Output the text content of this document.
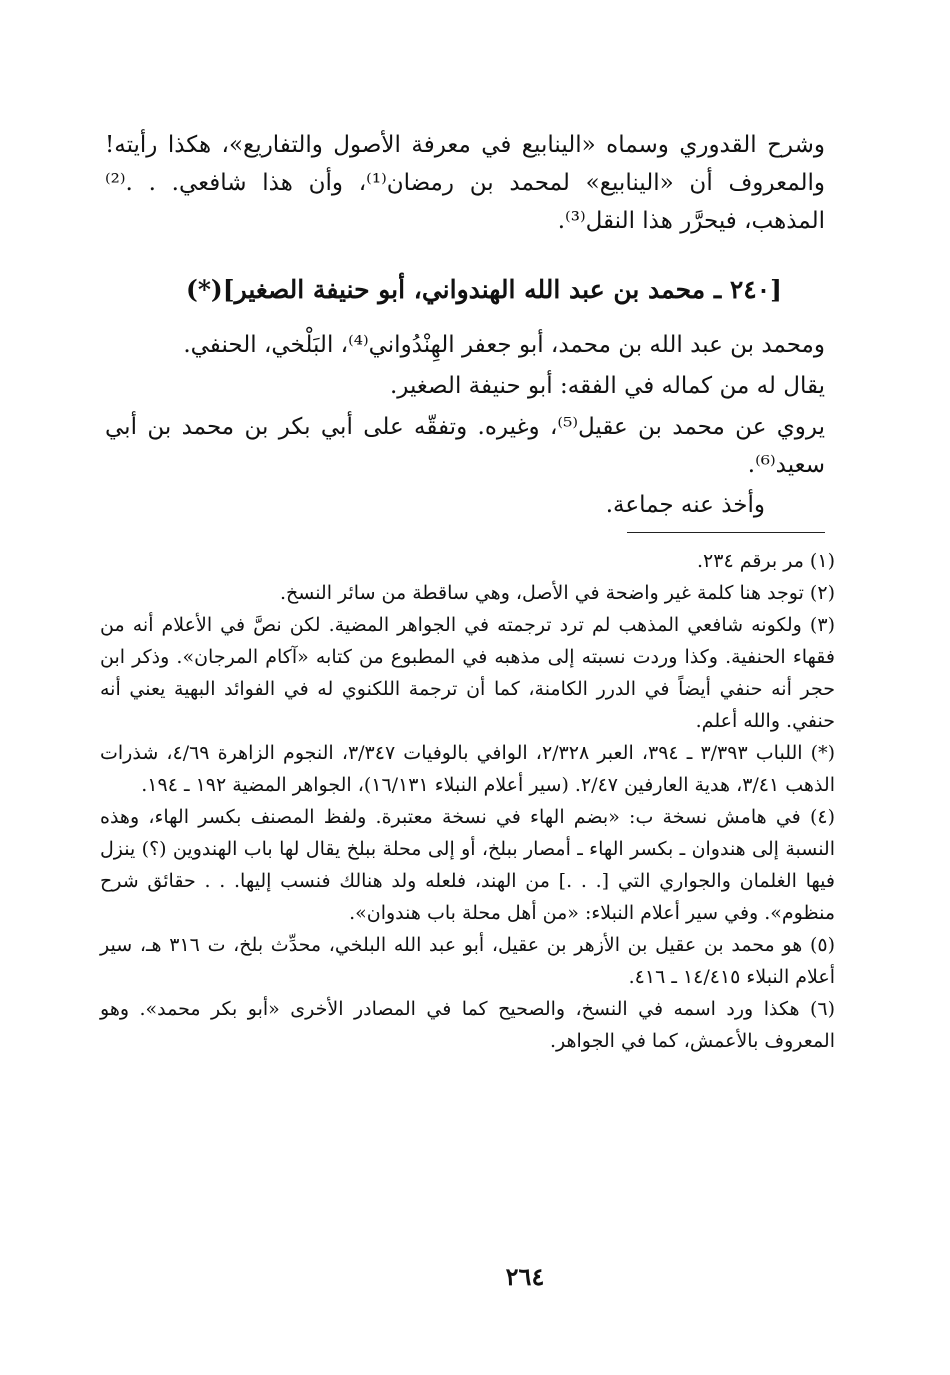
وشرح القدوري وسماه «الينابيع في معرفة الأصول والتفاريع»، هكذا رأيته! والمعروف أن «الينابيع» لمحمد بن رمضان⁽¹⁾، وأن هذا شافعي. . .⁽²⁾ المذهب، فيحرَّر هذا النقل⁽³⁾.
[٢٤٠ ـ محمد بن عبد الله الهندواني، أبو حنيفة الصغير](*)
ومحمد بن عبد الله بن محمد، أبو جعفر الهِنْدُواني⁽⁴⁾، البَلْخي، الحنفي.
يقال له من كماله في الفقه: أبو حنيفة الصغير.
يروي عن محمد بن عقيل⁽⁵⁾، وغيره. وتفقّه على أبي بكر بن محمد بن أبي سعيد⁽⁶⁾.
وأخذ عنه جماعة.

(١) مر برقم ٢٣٤.

(٢) توجد هنا كلمة غير واضحة في الأصل، وهي ساقطة من سائر النسخ.

(٣) ولكونه شافعي المذهب لم ترد ترجمته في الجواهر المضية. لكن نصَّ في الأعلام أنه من فقهاء الحنفية. وكذا وردت نسبته إلى مذهبه في المطبوع من كتابه «آكام المرجان». وذكر ابن حجر أنه حنفي أيضاً في الدرر الكامنة، كما أن ترجمة اللكنوي له في الفوائد البهية يعني أنه حنفي. والله أعلم.

(*) اللباب ٣/٣٩٣ ـ ٣٩٤، العبر ٢/٣٢٨، الوافي بالوفيات ٣/٣٤٧، النجوم الزاهرة ٤/٦٩، شذرات الذهب ٣/٤١، هدية العارفين ٢/٤٧. (سير أعلام النبلاء ١٦/١٣١)، الجواهر المضية ١٩٢ ـ ١٩٤.

(٤) في هامش نسخة ب: «بضم الهاء في نسخة معتبرة. ولفظ المصنف بكسر الهاء، وهذه النسبة إلى هندوان ـ بكسر الهاء ـ أمصار ببلخ، أو إلى محلة ببلخ يقال لها باب الهندوين (؟) ينزل فيها الغلمان والجواري التي [. . .] من الهند، فلعله ولد هنالك فنسب إليها. . . حقائق شرح منظوم». وفي سير أعلام النبلاء: «من أهل محلة باب هندوان».

(٥) هو محمد بن عقيل بن الأزهر بن عقيل، أبو عبد الله البلخي، محدِّث بلخ، ت ٣١٦ هـ، سير أعلام النبلاء ١٤/٤١٥ ـ ٤١٦.

(٦) هكذا ورد اسمه في النسخ، والصحيح كما في المصادر الأخرى «أبو بكر محمد». وهو المعروف بالأعمش، كما في الجواهر.

٢٦٤
